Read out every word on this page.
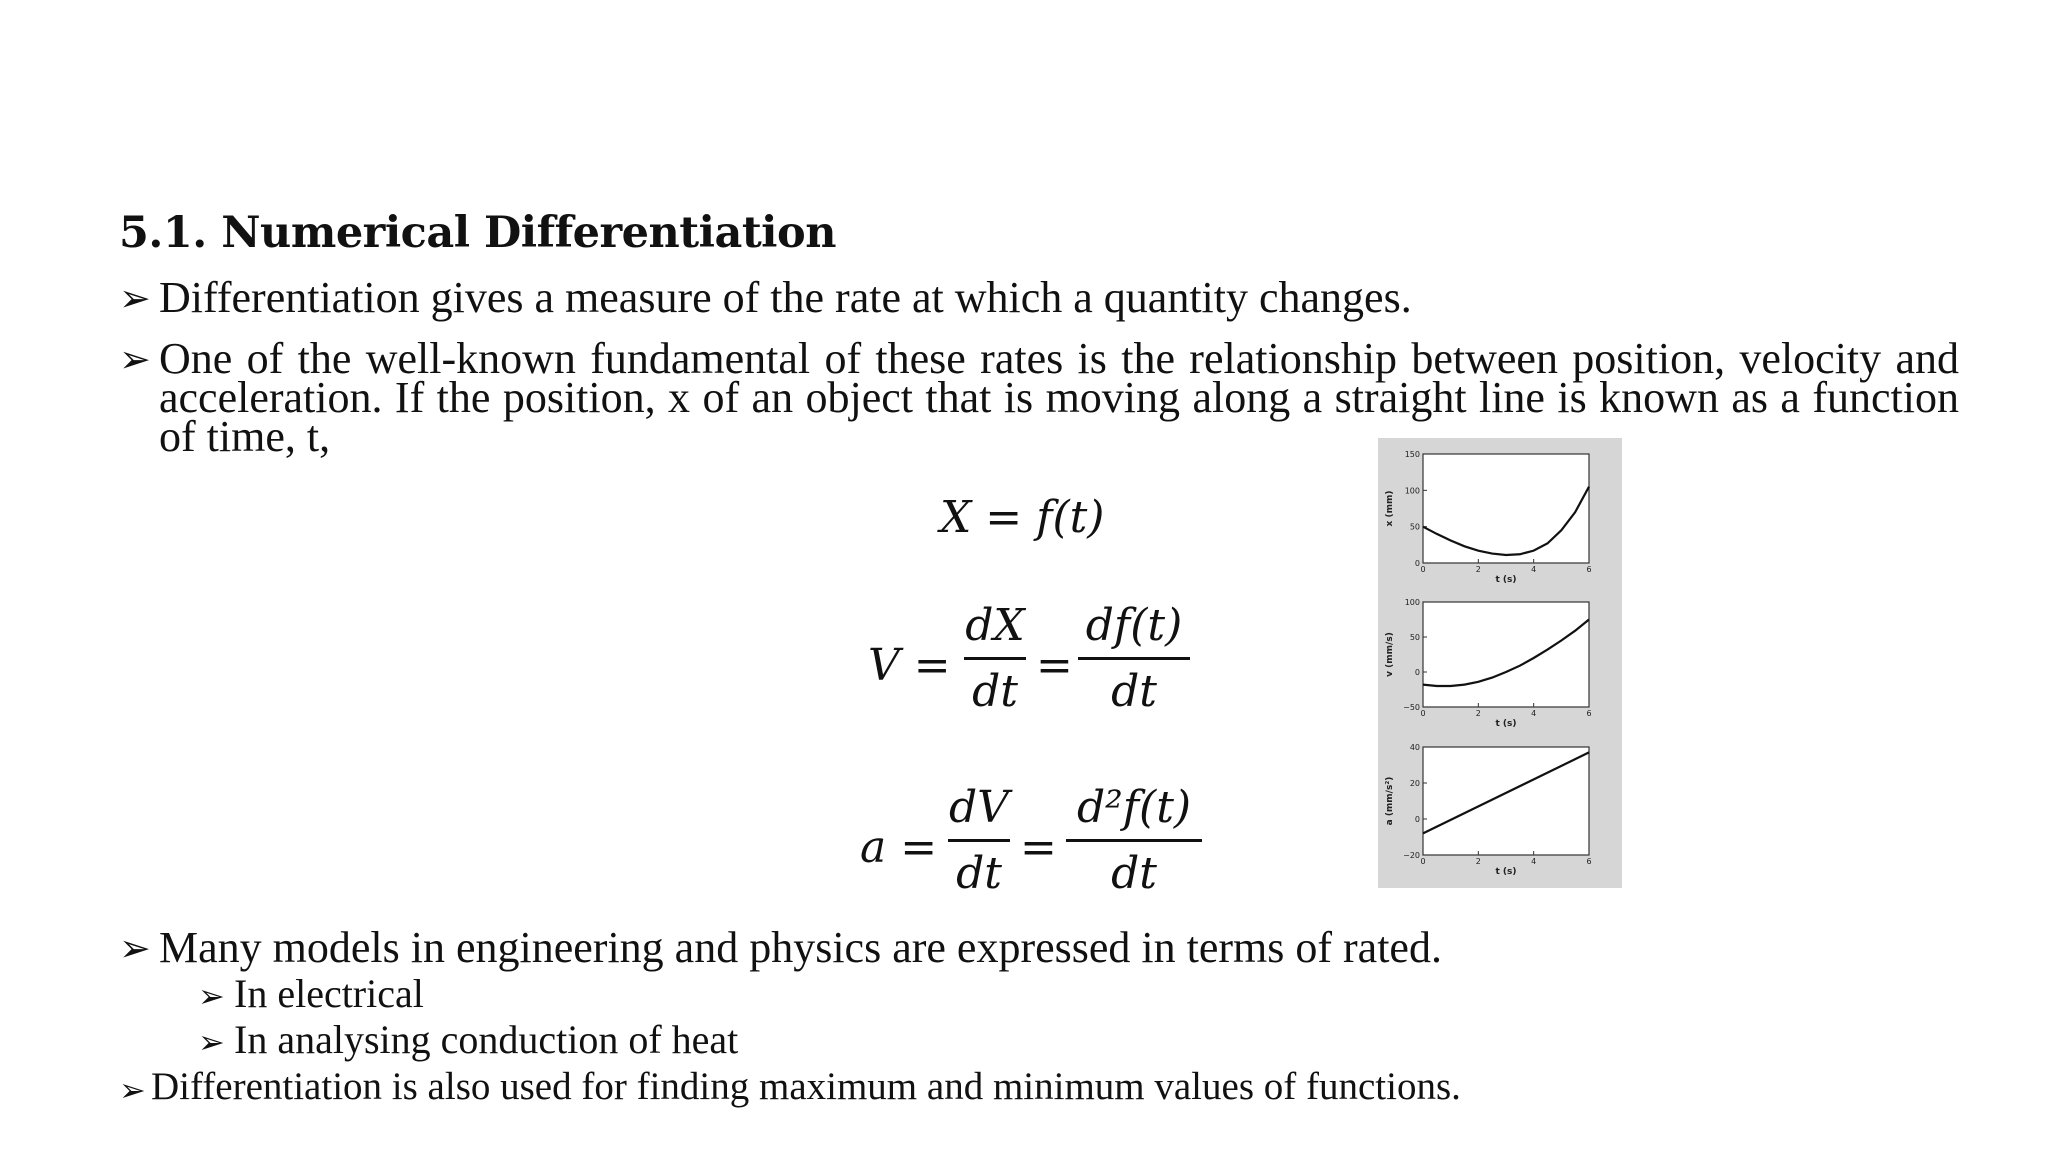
5.1. Numerical Differentiation
➢ Differentiation gives a measure of the rate at which a quantity changes.
➢ One of the well-known fundamental of these rates is the relationship between position, velocity and acceleration. If the position, x of an object that is moving along a straight line is known as a function of time, t,
X = f(t)
V =
dX
dt
=
df(t)
dt
a =
dV
dt
=
d²f(t)
dt
0	2	4	6
0
50
100
150
t (s)
x (mm)
0	2	4	6
−50
0
50
100
t (s)
v (mm/s)
0	2	4	6
−20
0
20
40
t (s)
a (mm/s²)
➢ Many models in engineering and physics are expressed in terms of rated.
➢ In electrical
➢ In analysing conduction of heat
➢ Differentiation is also used for finding maximum and minimum values of functions.
